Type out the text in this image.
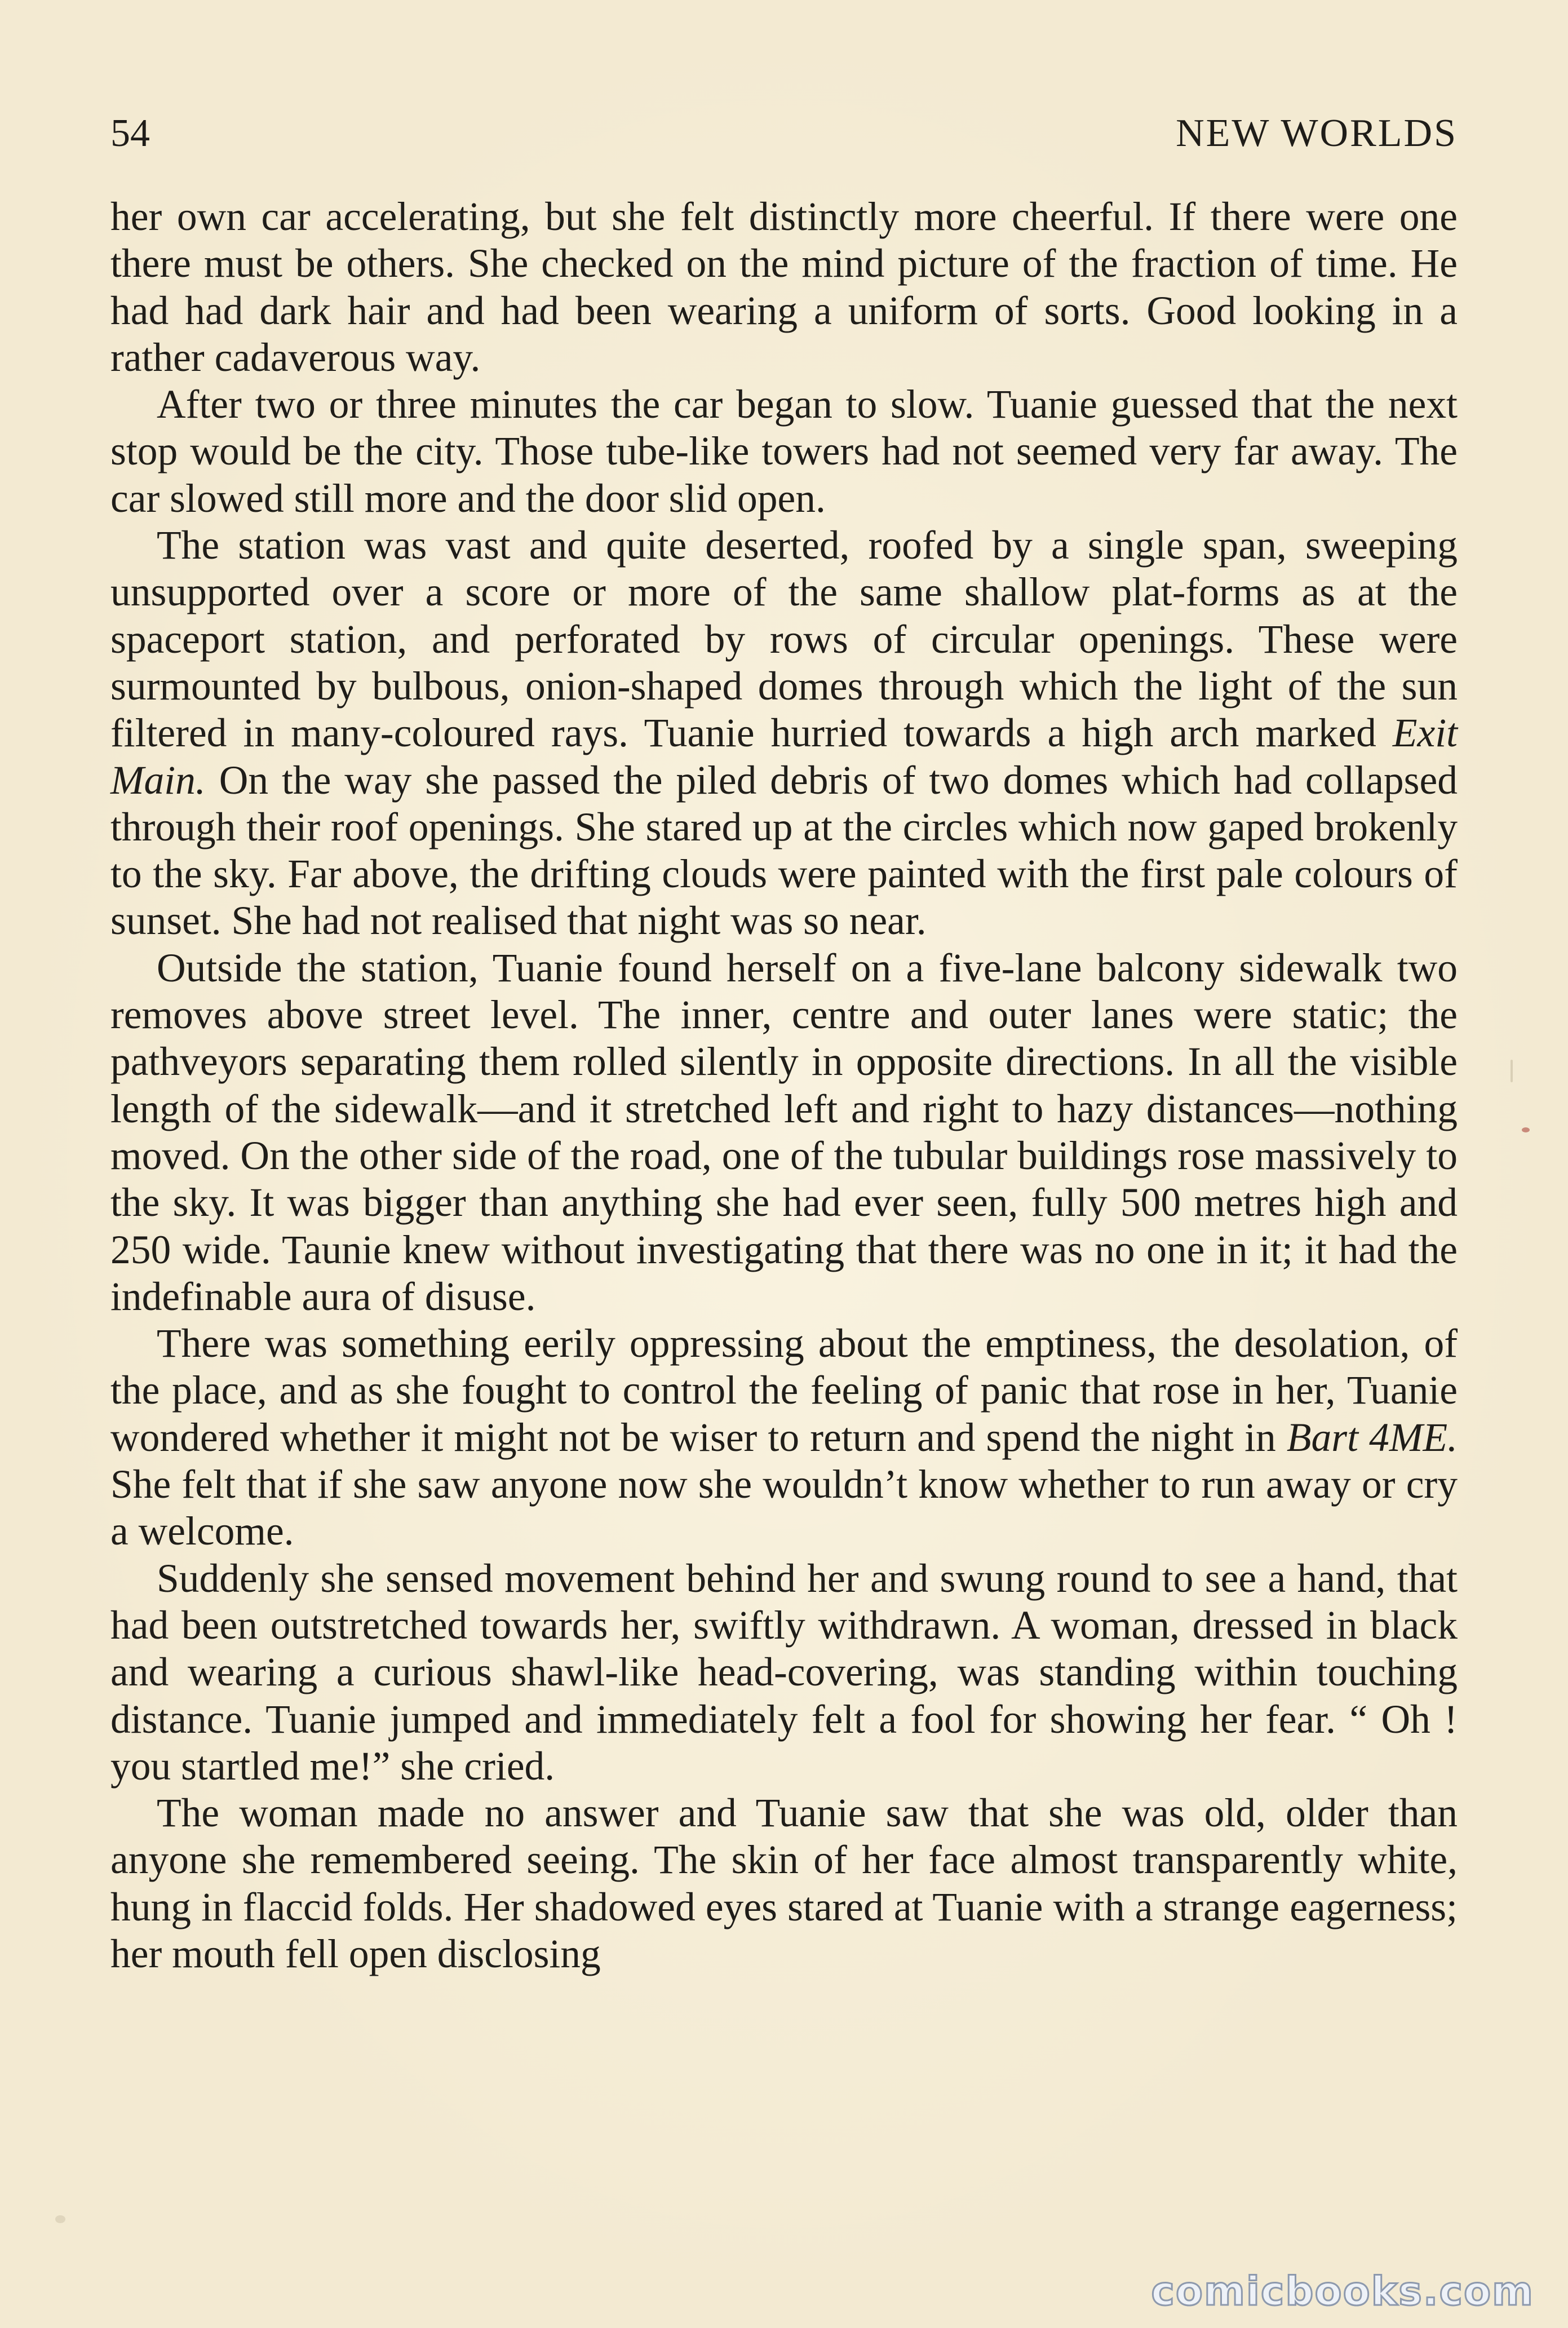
54	NEW WORLDS

her own car accelerating, but she felt distinctly more cheerful. If there were one there must be others. She checked on the mind picture of the fraction of time. He had had dark hair and had been wearing a uniform of sorts. Good looking in a rather cadaverous way.

After two or three minutes the car began to slow. Tuanie guessed that the next stop would be the city. Those tube-like towers had not seemed very far away. The car slowed still more and the door slid open.

The station was vast and quite deserted, roofed by a single span, sweeping unsupported over a score or more of the same shallow plat-forms as at the spaceport station, and perforated by rows of circular openings. These were surmounted by bulbous, onion-shaped domes through which the light of the sun filtered in many-coloured rays. Tuanie hurried towards a high arch marked Exit Main. On the way she passed the piled debris of two domes which had collapsed through their roof openings. She stared up at the circles which now gaped brokenly to the sky. Far above, the drifting clouds were painted with the first pale colours of sunset. She had not realised that night was so near.

Outside the station, Tuanie found herself on a five-lane balcony sidewalk two removes above street level. The inner, centre and outer lanes were static; the pathveyors separating them rolled silently in opposite directions. In all the visible length of the sidewalk—and it stretched left and right to hazy distances—nothing moved. On the other side of the road, one of the tubular buildings rose massively to the sky. It was bigger than anything she had ever seen, fully 500 metres high and 250 wide. Taunie knew without investigating that there was no one in it; it had the indefinable aura of disuse.

There was something eerily oppressing about the emptiness, the desolation, of the place, and as she fought to control the feeling of panic that rose in her, Tuanie wondered whether it might not be wiser to return and spend the night in Bart 4ME. She felt that if she saw anyone now she wouldn’t know whether to run away or cry a welcome.

Suddenly she sensed movement behind her and swung round to see a hand, that had been outstretched towards her, swiftly withdrawn. A woman, dressed in black and wearing a curious shawl-like head-covering, was standing within touching distance. Tuanie jumped and immediately felt a fool for showing her fear. “ Oh ! you startled me!” she cried.

The woman made no answer and Tuanie saw that she was old, older than anyone she remembered seeing. The skin of her face almost transparently white, hung in flaccid folds. Her shadowed eyes stared at Tuanie with a strange eagerness; her mouth fell open disclosing

comicbooks.com
